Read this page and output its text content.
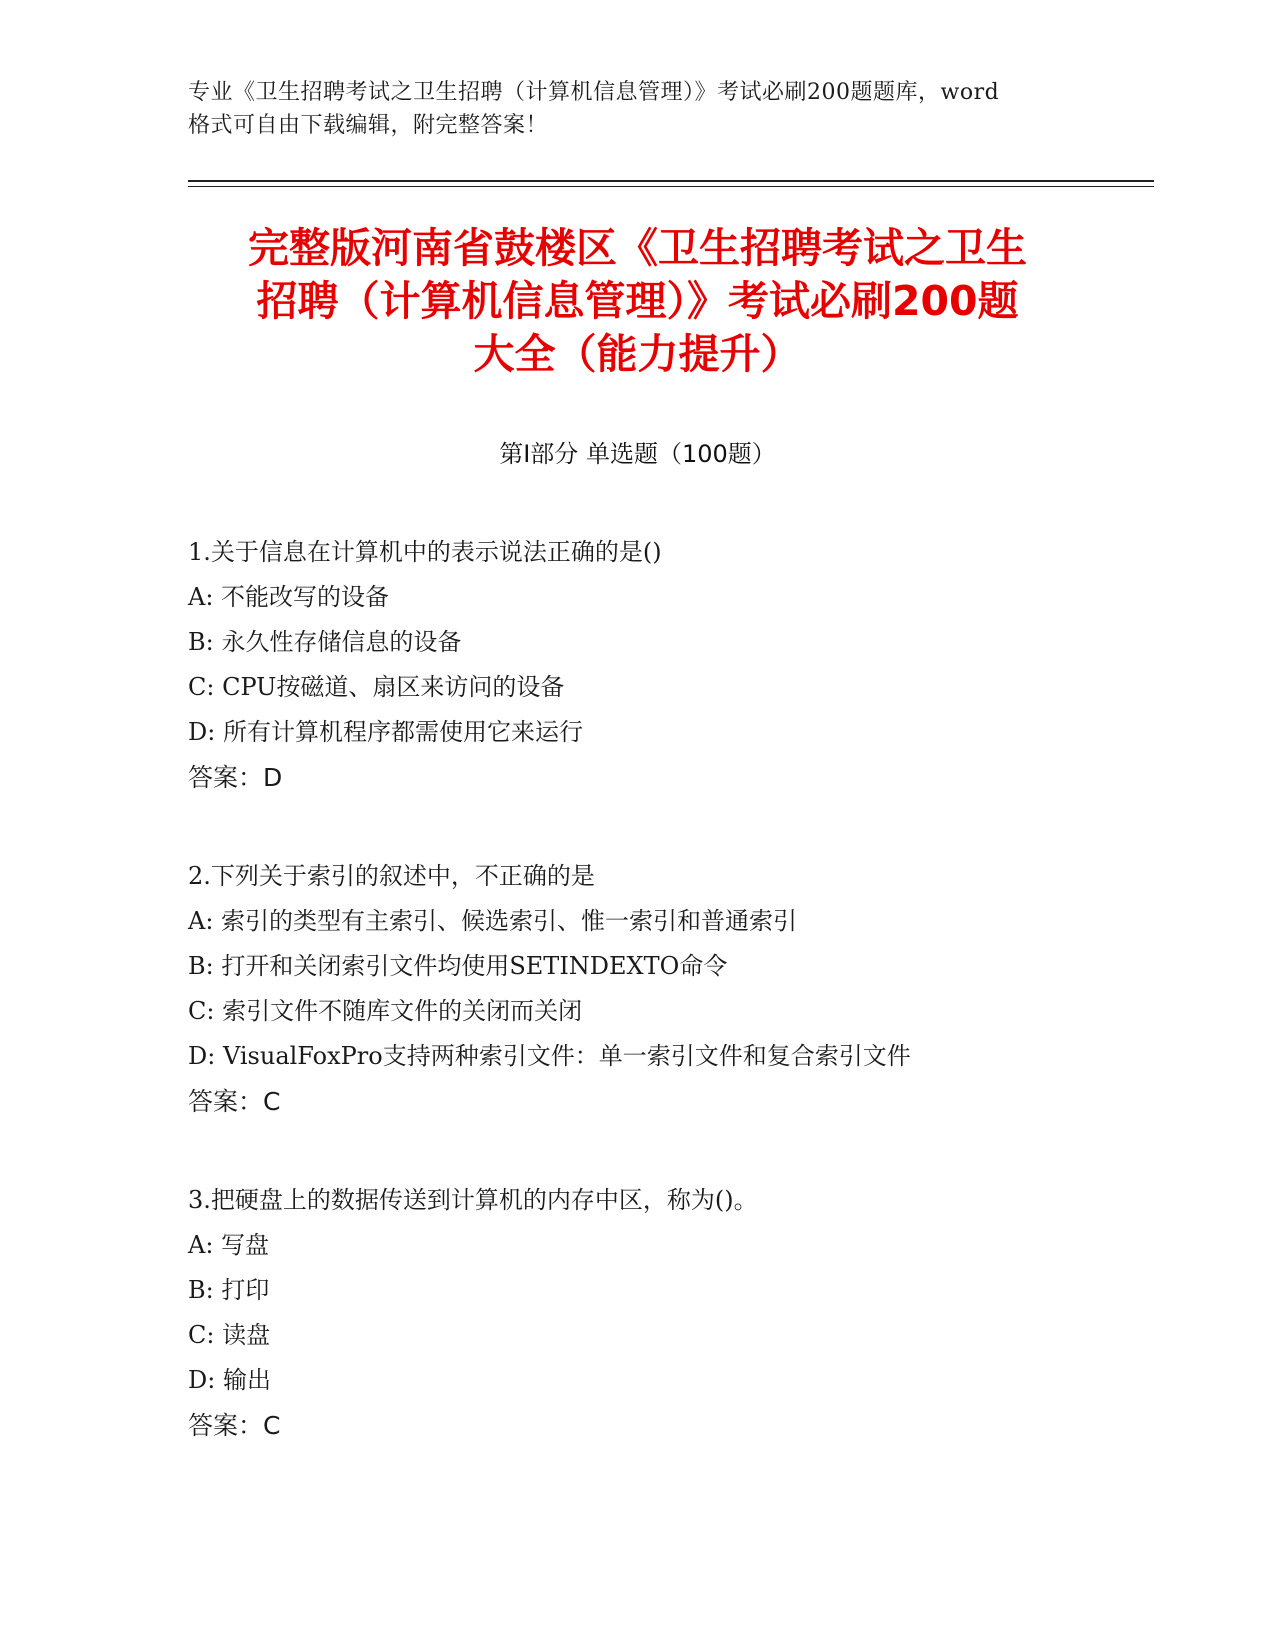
专业《卫生招聘考试之卫生招聘（计算机信息管理）》考试必刷200题题库，word
格式可自由下载编辑，附完整答案！
完整版河南省鼓楼区《卫生招聘考试之卫生
招聘（计算机信息管理）》考试必刷200题
大全（能力提升）
第Ⅰ部分 单选题（100题）
1.关于信息在计算机中的表示说法正确的是()
A: 不能改写的设备
B: 永久性存储信息的设备
C: CPU按磁道、扇区来访问的设备
D: 所有计算机程序都需使用它来运行
答案：D
2.下列关于索引的叙述中，不正确的是
A: 索引的类型有主索引、候选索引、惟一索引和普通索引
B: 打开和关闭索引文件均使用SETINDEXTO命令
C: 索引文件不随库文件的关闭而关闭
D: VisualFoxPro支持两种索引文件：单一索引文件和复合索引文件
答案：C
3.把硬盘上的数据传送到计算机的内存中区，称为()。
A: 写盘
B: 打印
C: 读盘
D: 输出
答案：C
